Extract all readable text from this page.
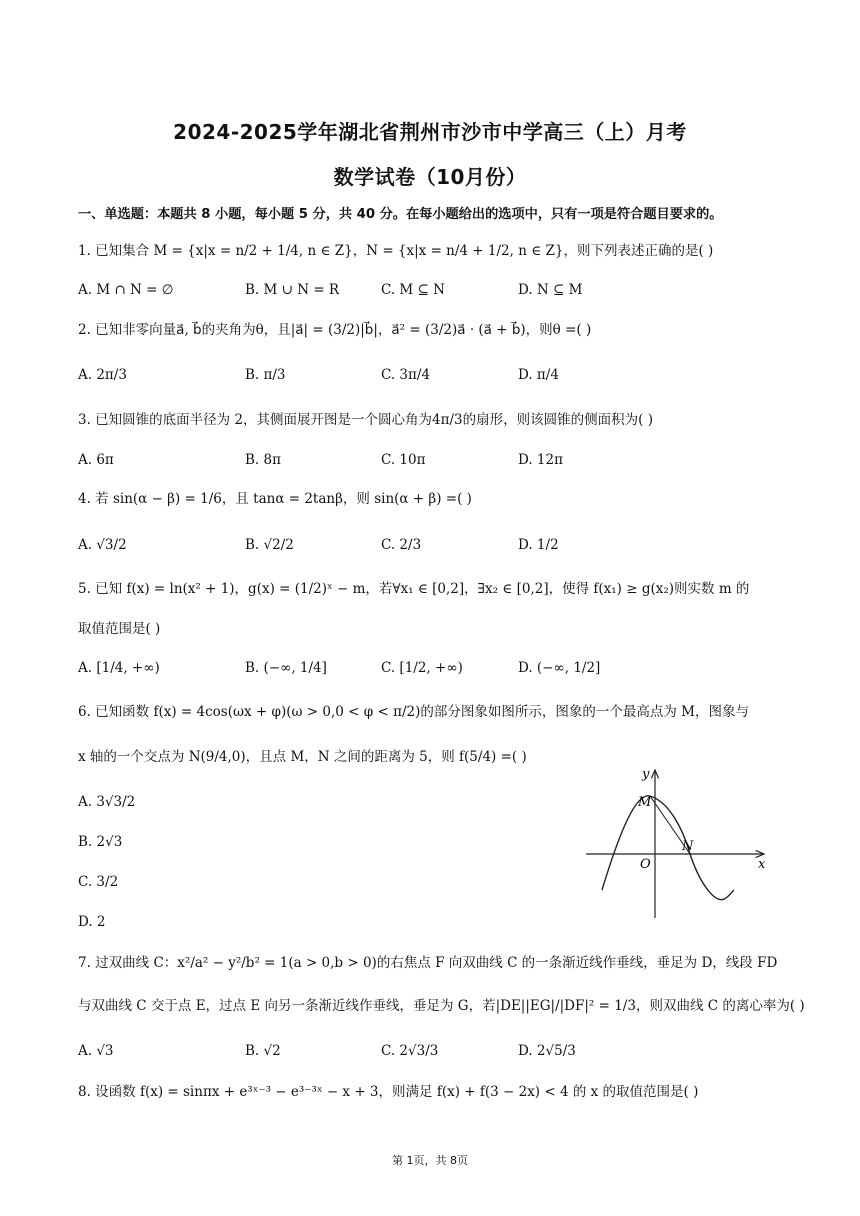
2024-2025学年湖北省荆州市沙市中学高三（上）月考
数学试卷（10月份）
一、单选题：本题共 8 小题，每小题 5 分，共 40 分。在每小题给出的选项中，只有一项是符合题目要求的。
1. 已知集合 M = {x|x = n/2 + 1/4, n ∈ Z}，N = {x|x = n/4 + 1/2, n ∈ Z}，则下列表述正确的是( )
A. M ∩ N = ∅	B. M ∪ N = R	C. M ⊆ N	D. N ⊆ M
2. 已知非零向量a⃗, b⃗的夹角为θ，且|a⃗| = (3/2)|b⃗|，a⃗² = (3/2)a⃗ · (a⃗ + b⃗)，则θ =( )
A. 2π/3	B. π/3	C. 3π/4	D. π/4
3. 已知圆锥的底面半径为 2，其侧面展开图是一个圆心角为4π/3的扇形，则该圆锥的侧面积为( )
A. 6π	B. 8π	C. 10π	D. 12π
4. 若 sin(α − β) = 1/6，且 tanα = 2tanβ，则 sin(α + β) =( )
A. √3/2	B. √2/2	C. 2/3	D. 1/2
5. 已知 f(x) = ln(x² + 1)，g(x) = (1/2)ˣ − m，若∀x₁ ∈ [0,2]，∃x₂ ∈ [0,2]，使得 f(x₁) ≥ g(x₂)则实数 m 的
取值范围是( )
A. [1/4, +∞)	B. (−∞, 1/4]	C. [1/2, +∞)	D. (−∞, 1/2]
6. 已知函数 f(x) = 4cos(ωx + φ)(ω > 0,0 < φ < π/2)的部分图象如图所示，图象的一个最高点为 M，图象与
x 轴的一个交点为 N(9/4,0)，且点 M，N 之间的距离为 5，则 f(5/4) =( )
A. 3√3/2
B. 2√3
C. 3/2
D. 2
x
y
O
M
N
7. 过双曲线 C：x²/a² − y²/b² = 1(a > 0,b > 0)的右焦点 F 向双曲线 C 的一条渐近线作垂线，垂足为 D，线段 FD
与双曲线 C 交于点 E，过点 E 向另一条渐近线作垂线，垂足为 G，若|DE||EG|/|DF|² = 1/3，则双曲线 C 的离心率为( )
A. √3	B. √2	C. 2√3/3	D. 2√5/3
8. 设函数 f(x) = sinπx + e³ˣ⁻³ − e³⁻³ˣ − x + 3，则满足 f(x) + f(3 − 2x) < 4 的 x 的取值范围是( )
第 1页，共 8页
